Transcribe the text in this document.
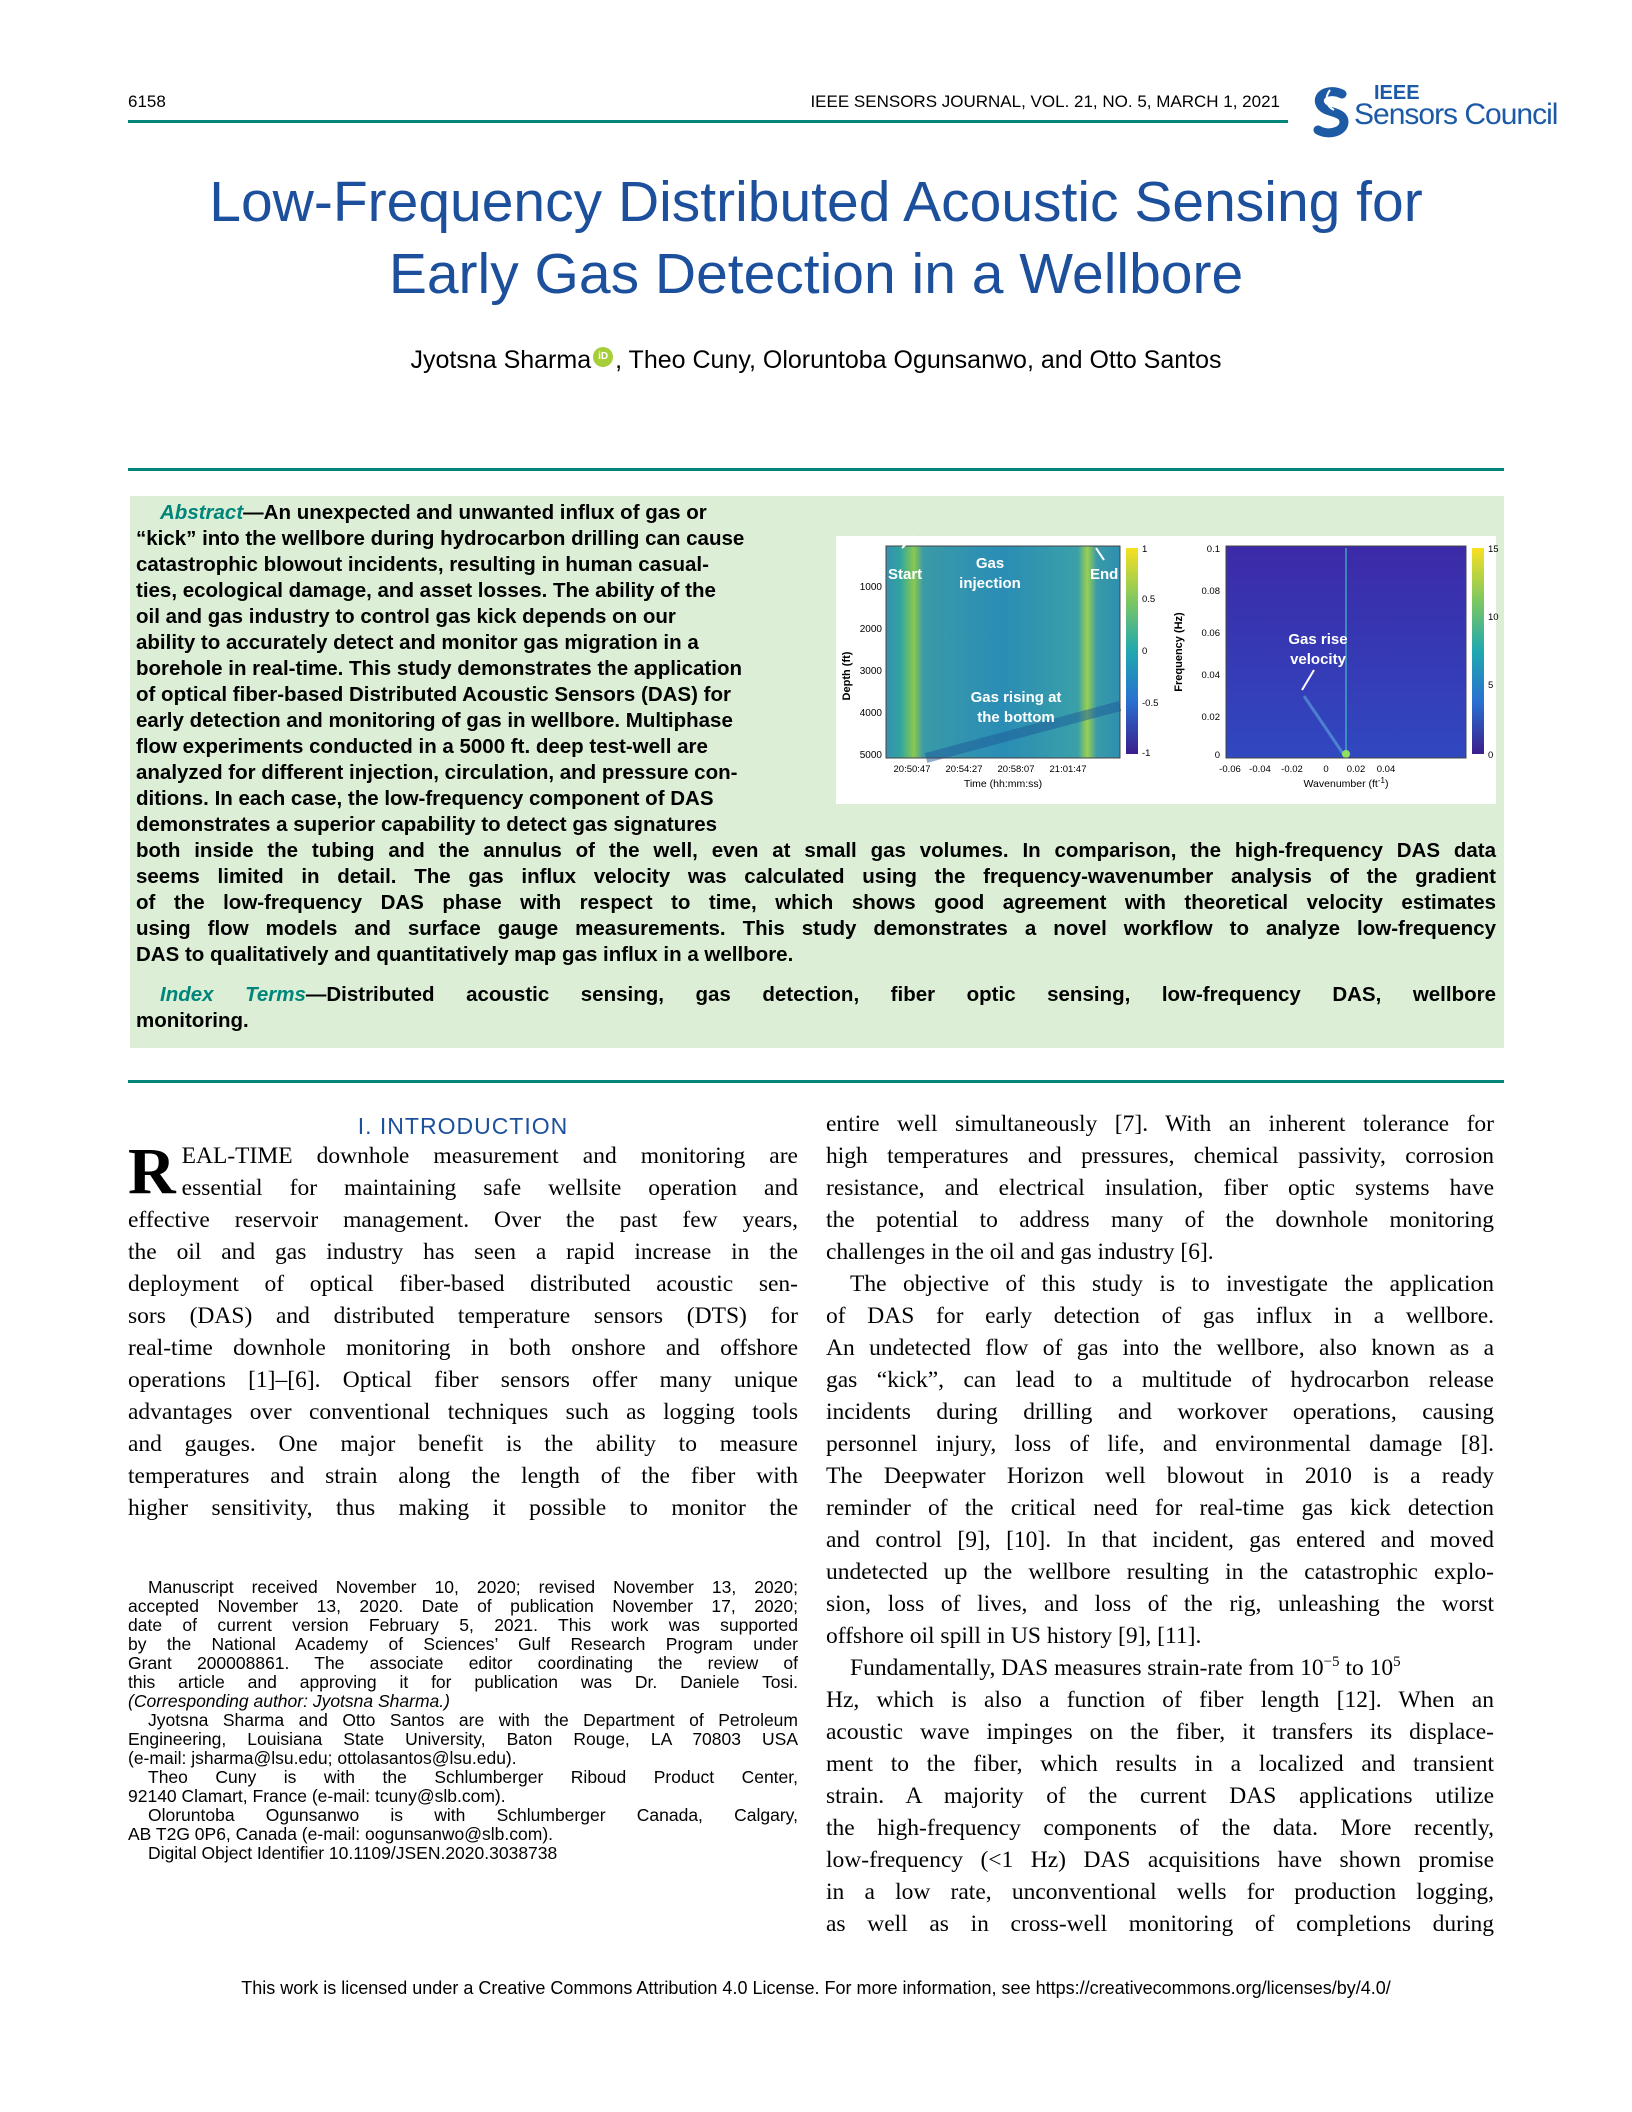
6158	IEEE SENSORS JOURNAL, VOL. 21, NO. 5, MARCH 1, 2021	IEEE
Sensors Council
Low-Frequency Distributed Acoustic Sensing for
Early Gas Detection in a Wellbore
Jyotsna Sharma iD , Theo Cuny, Oloruntoba Ogunsanwo, and Otto Santos
Abstract—An unexpected and unwanted influx of gas or
“kick” into the wellbore during hydrocarbon drilling can cause
catastrophic blowout incidents, resulting in human casual-
ties, ecological damage, and asset losses. The ability of the
oil and gas industry to control gas kick depends on our
ability to accurately detect and monitor gas migration in a
borehole in real-time. This study demonstrates the application
of optical fiber-based Distributed Acoustic Sensors (DAS) for
early detection and monitoring of gas in wellbore. Multiphase
flow experiments conducted in a 5000 ft. deep test-well are
analyzed for different injection, circulation, and pressure con-
ditions. In each case, the low-frequency component of DAS
demonstrates a superior capability to detect gas signatures
both inside the tubing and the annulus of the well, even at small gas volumes. In comparison, the high-frequency DAS data
seems limited in detail. The gas influx velocity was calculated using the frequency-wavenumber analysis of the gradient
of the low-frequency DAS phase with respect to time, which shows good agreement with theoretical velocity estimates
using flow models and surface gauge measurements. This study demonstrates a novel workflow to analyze low-frequency
DAS to qualitatively and quantitatively map gas influx in a wellbore.
Index Terms—Distributed acoustic sensing, gas detection, fiber optic sensing, low-frequency DAS, wellbore
monitoring.
Depth (ft)
1000
2000
3000
4000
5000
20:50:47 20:54:27 20:58:07 21:01:47
Time (hh:mm:ss)
Start
Gas
injection
End
Gas rising at
the bottom
1
0.5
0
-0.5
-1
Frequency (Hz)
0.1
0.08
0.06
0.04
0.02
0
-0.06 -0.04 -0.02 0 0.02 0.04
Wavenumber $(ft^{-1})$
Gas rise
velocity
15
10
5
0
I. INTRODUCTION
R EAL-TIME downhole measurement and monitoring are
essential for maintaining safe wellsite operation and
effective reservoir management. Over the past few years,
the oil and gas industry has seen a rapid increase in the
deployment of optical fiber-based distributed acoustic sen-
sors (DAS) and distributed temperature sensors (DTS) for
real-time downhole monitoring in both onshore and offshore
operations [1]–[6]. Optical fiber sensors offer many unique
advantages over conventional techniques such as logging tools
and gauges. One major benefit is the ability to measure
temperatures and strain along the length of the fiber with
higher sensitivity, thus making it possible to monitor the
Manuscript received November 10, 2020; revised November 13, 2020;
accepted November 13, 2020. Date of publication November 17, 2020;
date of current version February 5, 2021. This work was supported
by the National Academy of Sciences’ Gulf Research Program under
Grant 200008861. The associate editor coordinating the review of
this article and approving it for publication was Dr. Daniele Tosi.
(Corresponding author: Jyotsna Sharma.)
Jyotsna Sharma and Otto Santos are with the Department of Petroleum
Engineering, Louisiana State University, Baton Rouge, LA 70803 USA
(e-mail: jsharma@lsu.edu; ottolasantos@lsu.edu).
Theo Cuny is with the Schlumberger Riboud Product Center,
92140 Clamart, France (e-mail: tcuny@slb.com).
Oloruntoba Ogunsanwo is with Schlumberger Canada, Calgary,
AB T2G 0P6, Canada (e-mail: oogunsanwo@slb.com).
Digital Object Identifier 10.1109/JSEN.2020.3038738
entire well simultaneously [7]. With an inherent tolerance for
high temperatures and pressures, chemical passivity, corrosion
resistance, and electrical insulation, fiber optic systems have
the potential to address many of the downhole monitoring
challenges in the oil and gas industry [6].
The objective of this study is to investigate the application
of DAS for early detection of gas influx in a wellbore.
An undetected flow of gas into the wellbore, also known as a
gas “kick”, can lead to a multitude of hydrocarbon release
incidents during drilling and workover operations, causing
personnel injury, loss of life, and environmental damage [8].
The Deepwater Horizon well blowout in 2010 is a ready
reminder of the critical need for real-time gas kick detection
and control [9], [10]. In that incident, gas entered and moved
undetected up the wellbore resulting in the catastrophic explo-
sion, loss of lives, and loss of the rig, unleashing the worst
offshore oil spill in US history [9], [11].
Fundamentally, DAS measures strain-rate from $10^{-5}$ to $10^5$
Hz, which is also a function of fiber length [12]. When an
acoustic wave impinges on the fiber, it transfers its displace-
ment to the fiber, which results in a localized and transient
strain. A majority of the current DAS applications utilize
the high-frequency components of the data. More recently,
low-frequency (<1 Hz) DAS acquisitions have shown promise
in a low rate, unconventional wells for production logging,
as well as in cross-well monitoring of completions during
This work is licensed under a Creative Commons Attribution 4.0 License. For more information, see https://creativecommons.org/licenses/by/4.0/
